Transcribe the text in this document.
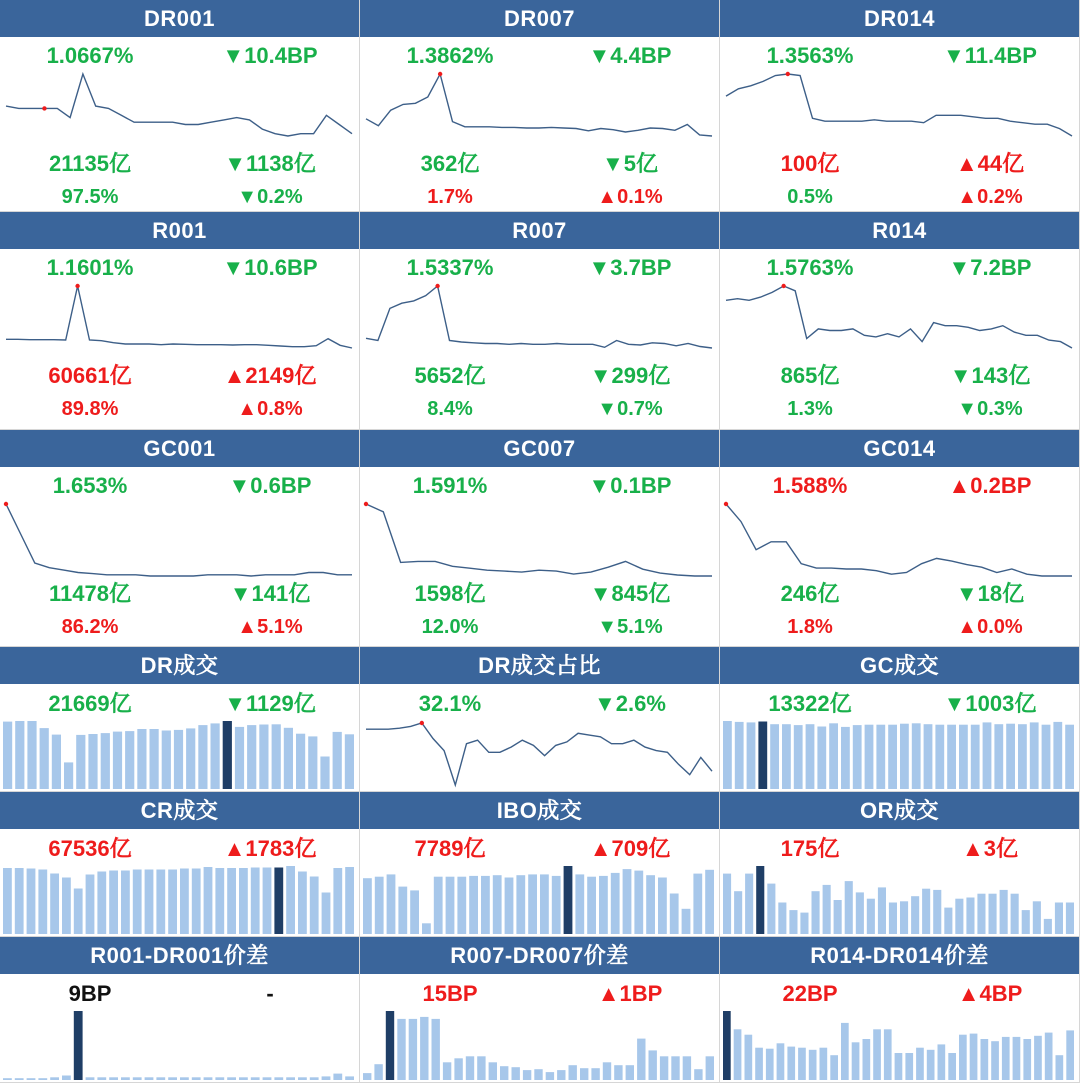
DR001
1.0667%	▼10.4BP
21135亿	▼1138亿
97.5%	▼0.2%
DR007
1.3862%	▼4.4BP
362亿	▼5亿
1.7%	▲0.1%
DR014
1.3563%	▼11.4BP
100亿	▲44亿
0.5%	▲0.2%
R001
1.1601%	▼10.6BP
60661亿	▲2149亿
89.8%	▲0.8%
R007
1.5337%	▼3.7BP
5652亿	▼299亿
8.4%	▼0.7%
R014
1.5763%	▼7.2BP
865亿	▼143亿
1.3%	▼0.3%
GC001
1.653%	▼0.6BP
11478亿	▼141亿
86.2%	▲5.1%
GC007
1.591%	▼0.1BP
1598亿	▼845亿
12.0%	▼5.1%
GC014
1.588%	▲0.2BP
246亿	▼18亿
1.8%	▲0.0%
DR成交
21669亿	▼1129亿
DR成交占比
32.1%	▼2.6%
GC成交
13322亿	▼1003亿
CR成交
67536亿	▲1783亿
IBO成交
7789亿	▲709亿
OR成交
175亿	▲3亿
R001-DR001价差
9BP	-
R007-DR007价差
15BP	▲1BP
R014-DR014价差
22BP	▲4BP
